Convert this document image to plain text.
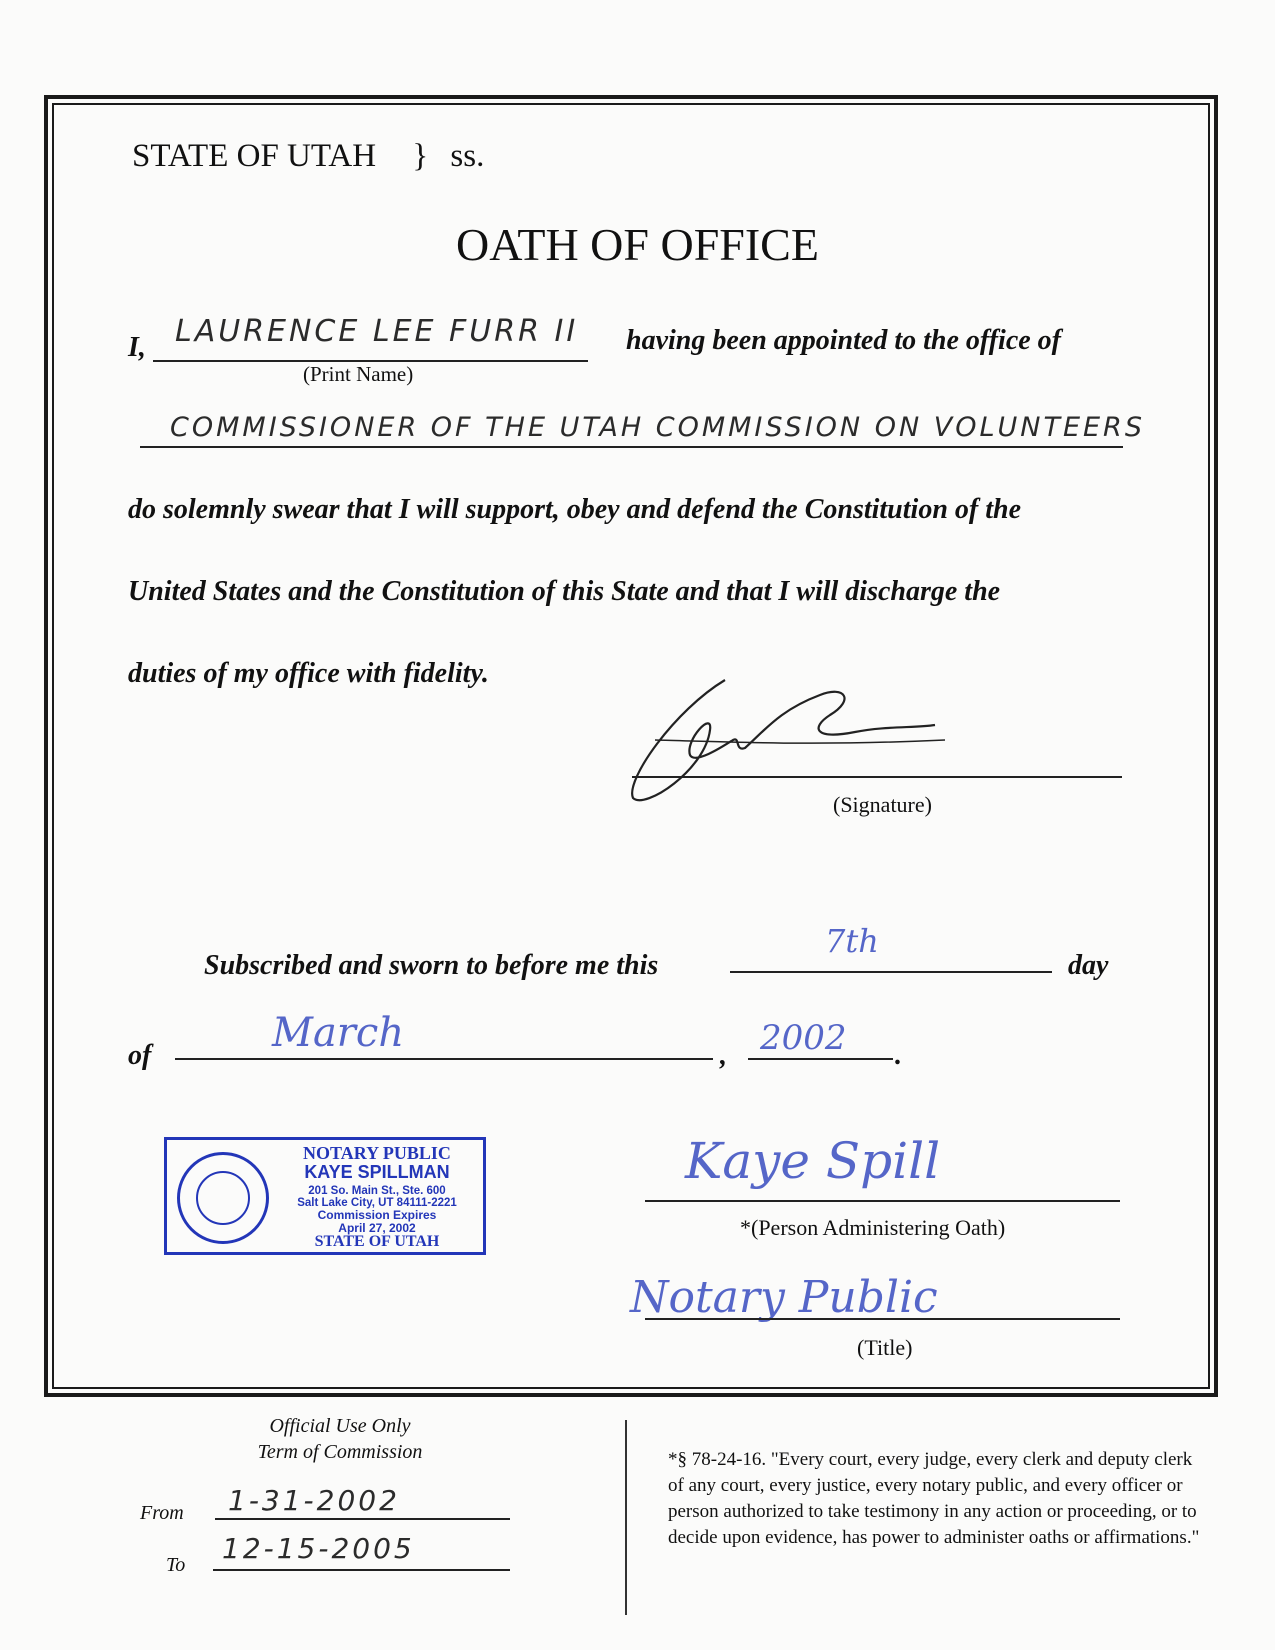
STATE OF UTAH } ss.
OATH OF OFFICE
I, LAURENCE LEE FURR II having been appointed to the office of
(Print Name)
COMMISSIONER OF THE UTAH COMMISSION ON VOLUNTEERS
do solemnly swear that I will support, obey and defend the Constitution of the
United States and the Constitution of this State and that I will discharge the
duties of my office with fidelity.
(Signature)
Subscribed and sworn to before me this
7th
day
of	March	, 2002 .
NOTARY PUBLIC
KAYE SPILLMAN
201 So. Main St., Ste. 600
Salt Lake City, UT 84111-2221
Commission Expires
April 27, 2002
STATE OF UTAH
Kaye Spill
*(Person Administering Oath)
Notary Public
(Title)
Official Use Only
Term of Commission
From 1-31-2002
To 12-15-2005
*§ 78-24-16. "Every court, every judge, every clerk and deputy clerk of any court, every justice, every notary public, and every officer or person authorized to take testimony in any action or proceeding, or to decide upon evidence, has power to administer oaths or affirmations."
